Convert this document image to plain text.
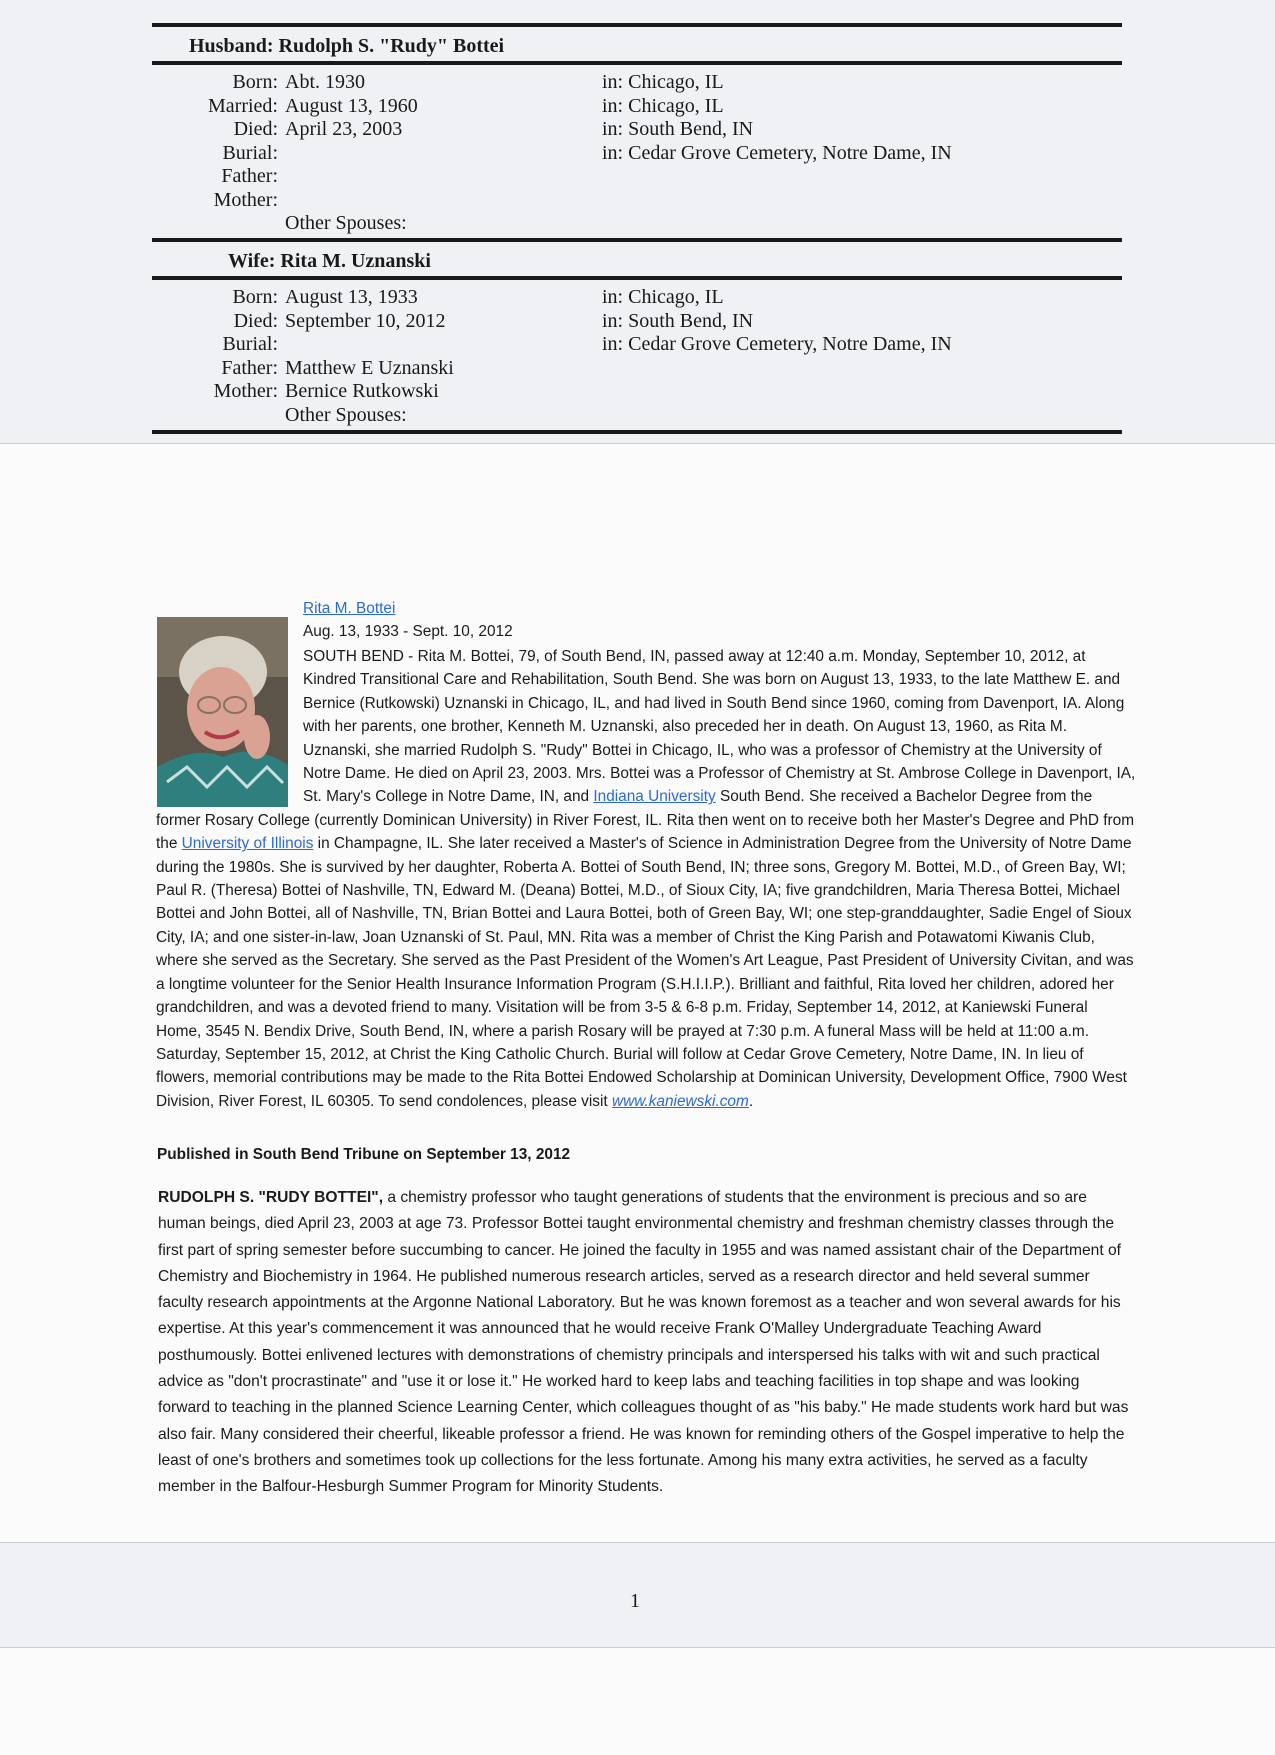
Husband: Rudolph S. "Rudy" Bottei
Born:
Married:
Died:
Burial:
Father:
Mother:
Abt. 1930
August 13, 1960
April 23, 2003
Other Spouses:
in: Chicago, IL
in: Chicago, IL
in: South Bend, IN
in: Cedar Grove Cemetery, Notre Dame, IN
Wife: Rita M. Uznanski
Born:
Died:
Burial:
Father:
Mother:
August 13, 1933
September 10, 2012
Matthew E Uznanski
Bernice Rutkowski
Other Spouses:
in: Chicago, IL
in: South Bend, IN
in: Cedar Grove Cemetery, Notre Dame, IN
Rita M. Bottei
Aug. 13, 1933 - Sept. 10, 2012
SOUTH BEND - Rita M. Bottei, 79, of South Bend, IN, passed away at 12:40 a.m. Monday, September 10, 2012, at Kindred Transitional Care and Rehabilitation, South Bend. She was born on August 13, 1933, to the late Matthew E. and Bernice (Rutkowski) Uznanski in Chicago, IL, and had lived in South Bend since 1960, coming from Davenport, IA. Along with her parents, one brother, Kenneth M. Uznanski, also preceded her in death. On August 13, 1960, as Rita M. Uznanski, she married Rudolph S. "Rudy" Bottei in Chicago, IL, who was a professor of Chemistry at the University of Notre Dame. He died on April 23, 2003. Mrs. Bottei was a Professor of Chemistry at St. Ambrose College in Davenport, IA, St. Mary's College in Notre Dame, IN, and Indiana University South Bend. She received a Bachelor Degree from the former Rosary College (currently Dominican University) in River Forest, IL. Rita then went on to receive both her Master's Degree and PhD from the University of Illinois in Champagne, IL. She later received a Master's of Science in Administration Degree from the University of Notre Dame during the 1980s. She is survived by her daughter, Roberta A. Bottei of South Bend, IN; three sons, Gregory M. Bottei, M.D., of Green Bay, WI; Paul R. (Theresa) Bottei of Nashville, TN, Edward M. (Deana) Bottei, M.D., of Sioux City, IA; five grandchildren, Maria Theresa Bottei, Michael Bottei and John Bottei, all of Nashville, TN, Brian Bottei and Laura Bottei, both of Green Bay, WI; one step-granddaughter, Sadie Engel of Sioux City, IA; and one sister-in-law, Joan Uznanski of St. Paul, MN. Rita was a member of Christ the King Parish and Potawatomi Kiwanis Club, where she served as the Secretary. She served as the Past President of the Women's Art League, Past President of University Civitan, and was a longtime volunteer for the Senior Health Insurance Information Program (S.H.I.I.P.). Brilliant and faithful, Rita loved her children, adored her grandchildren, and was a devoted friend to many. Visitation will be from 3-5 & 6-8 p.m. Friday, September 14, 2012, at Kaniewski Funeral Home, 3545 N. Bendix Drive, South Bend, IN, where a parish Rosary will be prayed at 7:30 p.m. A funeral Mass will be held at 11:00 a.m. Saturday, September 15, 2012, at Christ the King Catholic Church. Burial will follow at Cedar Grove Cemetery, Notre Dame, IN. In lieu of flowers, memorial contributions may be made to the Rita Bottei Endowed Scholarship at Dominican University, Development Office, 7900 West Division, River Forest, IL 60305. To send condolences, please visit www.kaniewski.com.
Published in South Bend Tribune on September 13, 2012
RUDOLPH S. "RUDY BOTTEI", a chemistry professor who taught generations of students that the environment is precious and so are human beings, died April 23, 2003 at age 73. Professor Bottei taught environmental chemistry and freshman chemistry classes through the first part of spring semester before succumbing to cancer. He joined the faculty in 1955 and was named assistant chair of the Department of Chemistry and Biochemistry in 1964. He published numerous research articles, served as a research director and held several summer faculty research appointments at the Argonne National Laboratory. But he was known foremost as a teacher and won several awards for his expertise. At this year's commencement it was announced that he would receive Frank O'Malley Undergraduate Teaching Award posthumously. Bottei enlivened lectures with demonstrations of chemistry principals and interspersed his talks with wit and such practical advice as "don't procrastinate" and "use it or lose it." He worked hard to keep labs and teaching facilities in top shape and was looking forward to teaching in the planned Science Learning Center, which colleagues thought of as "his baby." He made students work hard but was also fair. Many considered their cheerful, likeable professor a friend. He was known for reminding others of the Gospel imperative to help the least of one's brothers and sometimes took up collections for the less fortunate. Among his many extra activities, he served as a faculty member in the Balfour-Hesburgh Summer Program for Minority Students.
1
